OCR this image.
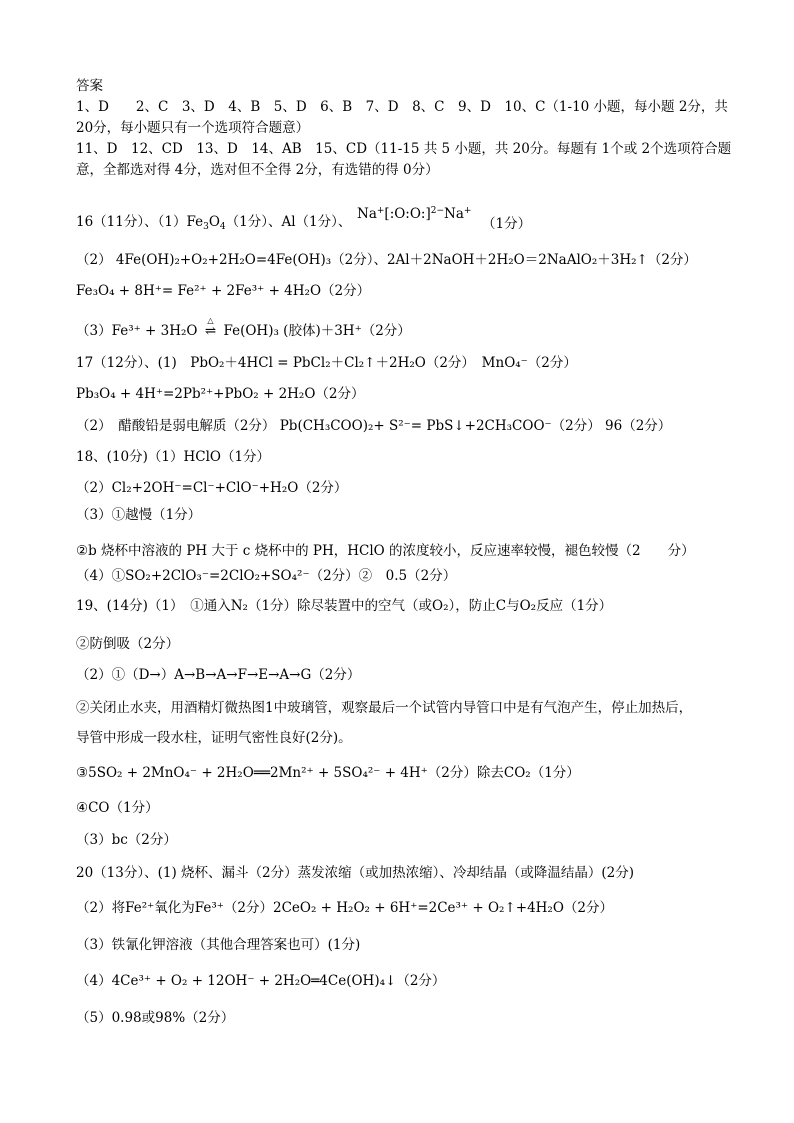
答案
1、D　　2、C　3、D　4、B　5、D　6、B　7、D　8、C　9、D　10、C（1-10 小题，每小题 2分，共
20分，每小题只有一个选项符合题意）
11、D　12、CD　13、D　14、AB　15、CD（11-15 共 5 小题，共 20分。每题有 1个或 2个选项符合题
意，全都选对得 4分，选对但不全得 2分，有选错的得 0分）
16（11分）、$(1)Fe_3O_4(1$分）、Al（1分）、 Na+[:O:O:]$^{2-}$Na+
（1分）
（2） 4Fe(OH)₂+O₂+2H₂O=4Fe(OH)₃（2分）、2Al＋2NaOH＋2H₂O＝2NaAlO₂＋3H₂↑（2分）
Fe₃O₄ + 8H⁺= Fe²⁺ + 2Fe³⁺ + 4H₂O（2分）
（3）Fe³⁺ + 3H₂O
△
⇌ Fe(OH)₃ (胶体)＋3H⁺（2分）
17（12分）、(1)　PbO₂＋4HCl = PbCl₂＋Cl₂↑＋2H₂O（2分）　MnO₄⁻（2分）
Pb₃O₄ + 4H⁺=2Pb²⁺+PbO₂ + 2H₂O（2分）
（2）　醋酸铅是弱电解质（2分） Pb(CH₃COO)₂+ S²⁻= PbS↓+2CH₃COO⁻（2分） 96（2分）
18、(10分)（1）HClO（1分）
（2）Cl₂+2OH⁻=Cl⁻+ClO⁻+H₂O（2分）
（3）①越慢（1分）
②b 烧杯中溶液的 PH 大于 c 烧杯中的 PH，HClO 的浓度较小，反应速率较慢，褪色较慢（2　　分）
（4）①SO₂+2ClO₃⁻=2ClO₂+SO₄²⁻（2分）②　0.5（2分）
19、(14分)（1）　①通入N₂（1分）除尽装置中的空气（或O₂），防止C与O₂反应（1分）
②防倒吸（2分）
（2）①（D→）A→B→A→F→E→A→G（2分）
②关闭止水夹，用酒精灯微热图1中玻璃管，观察最后一个试管内导管口中是有气泡产生，停止加热后，
导管中形成一段水柱，证明气密性良好(2分)。
③5SO₂ + 2MnO₄⁻ + 2H₂O══2Mn²⁺ + 5SO₄²⁻ + 4H⁺（2分）除去CO₂（1分）
④CO（1分）
（3）bc（2分）
20（13分）、(1) 烧杯、漏斗（2分）蒸发浓缩（或加热浓缩）、冷却结晶（或降温结晶）(2分)
（2）将Fe²⁺氧化为Fe³⁺（2分）2CeO₂ + H₂O₂ + 6H⁺=2Ce³⁺ + O₂↑+4H₂O（2分）
（3）铁氰化钾溶液（其他合理答案也可）(1分)
（4）4Ce³⁺ + O₂ + 12OH⁻ + 2H₂O═4Ce(OH)₄↓（2分）
（5）0.98或98%（2分）
